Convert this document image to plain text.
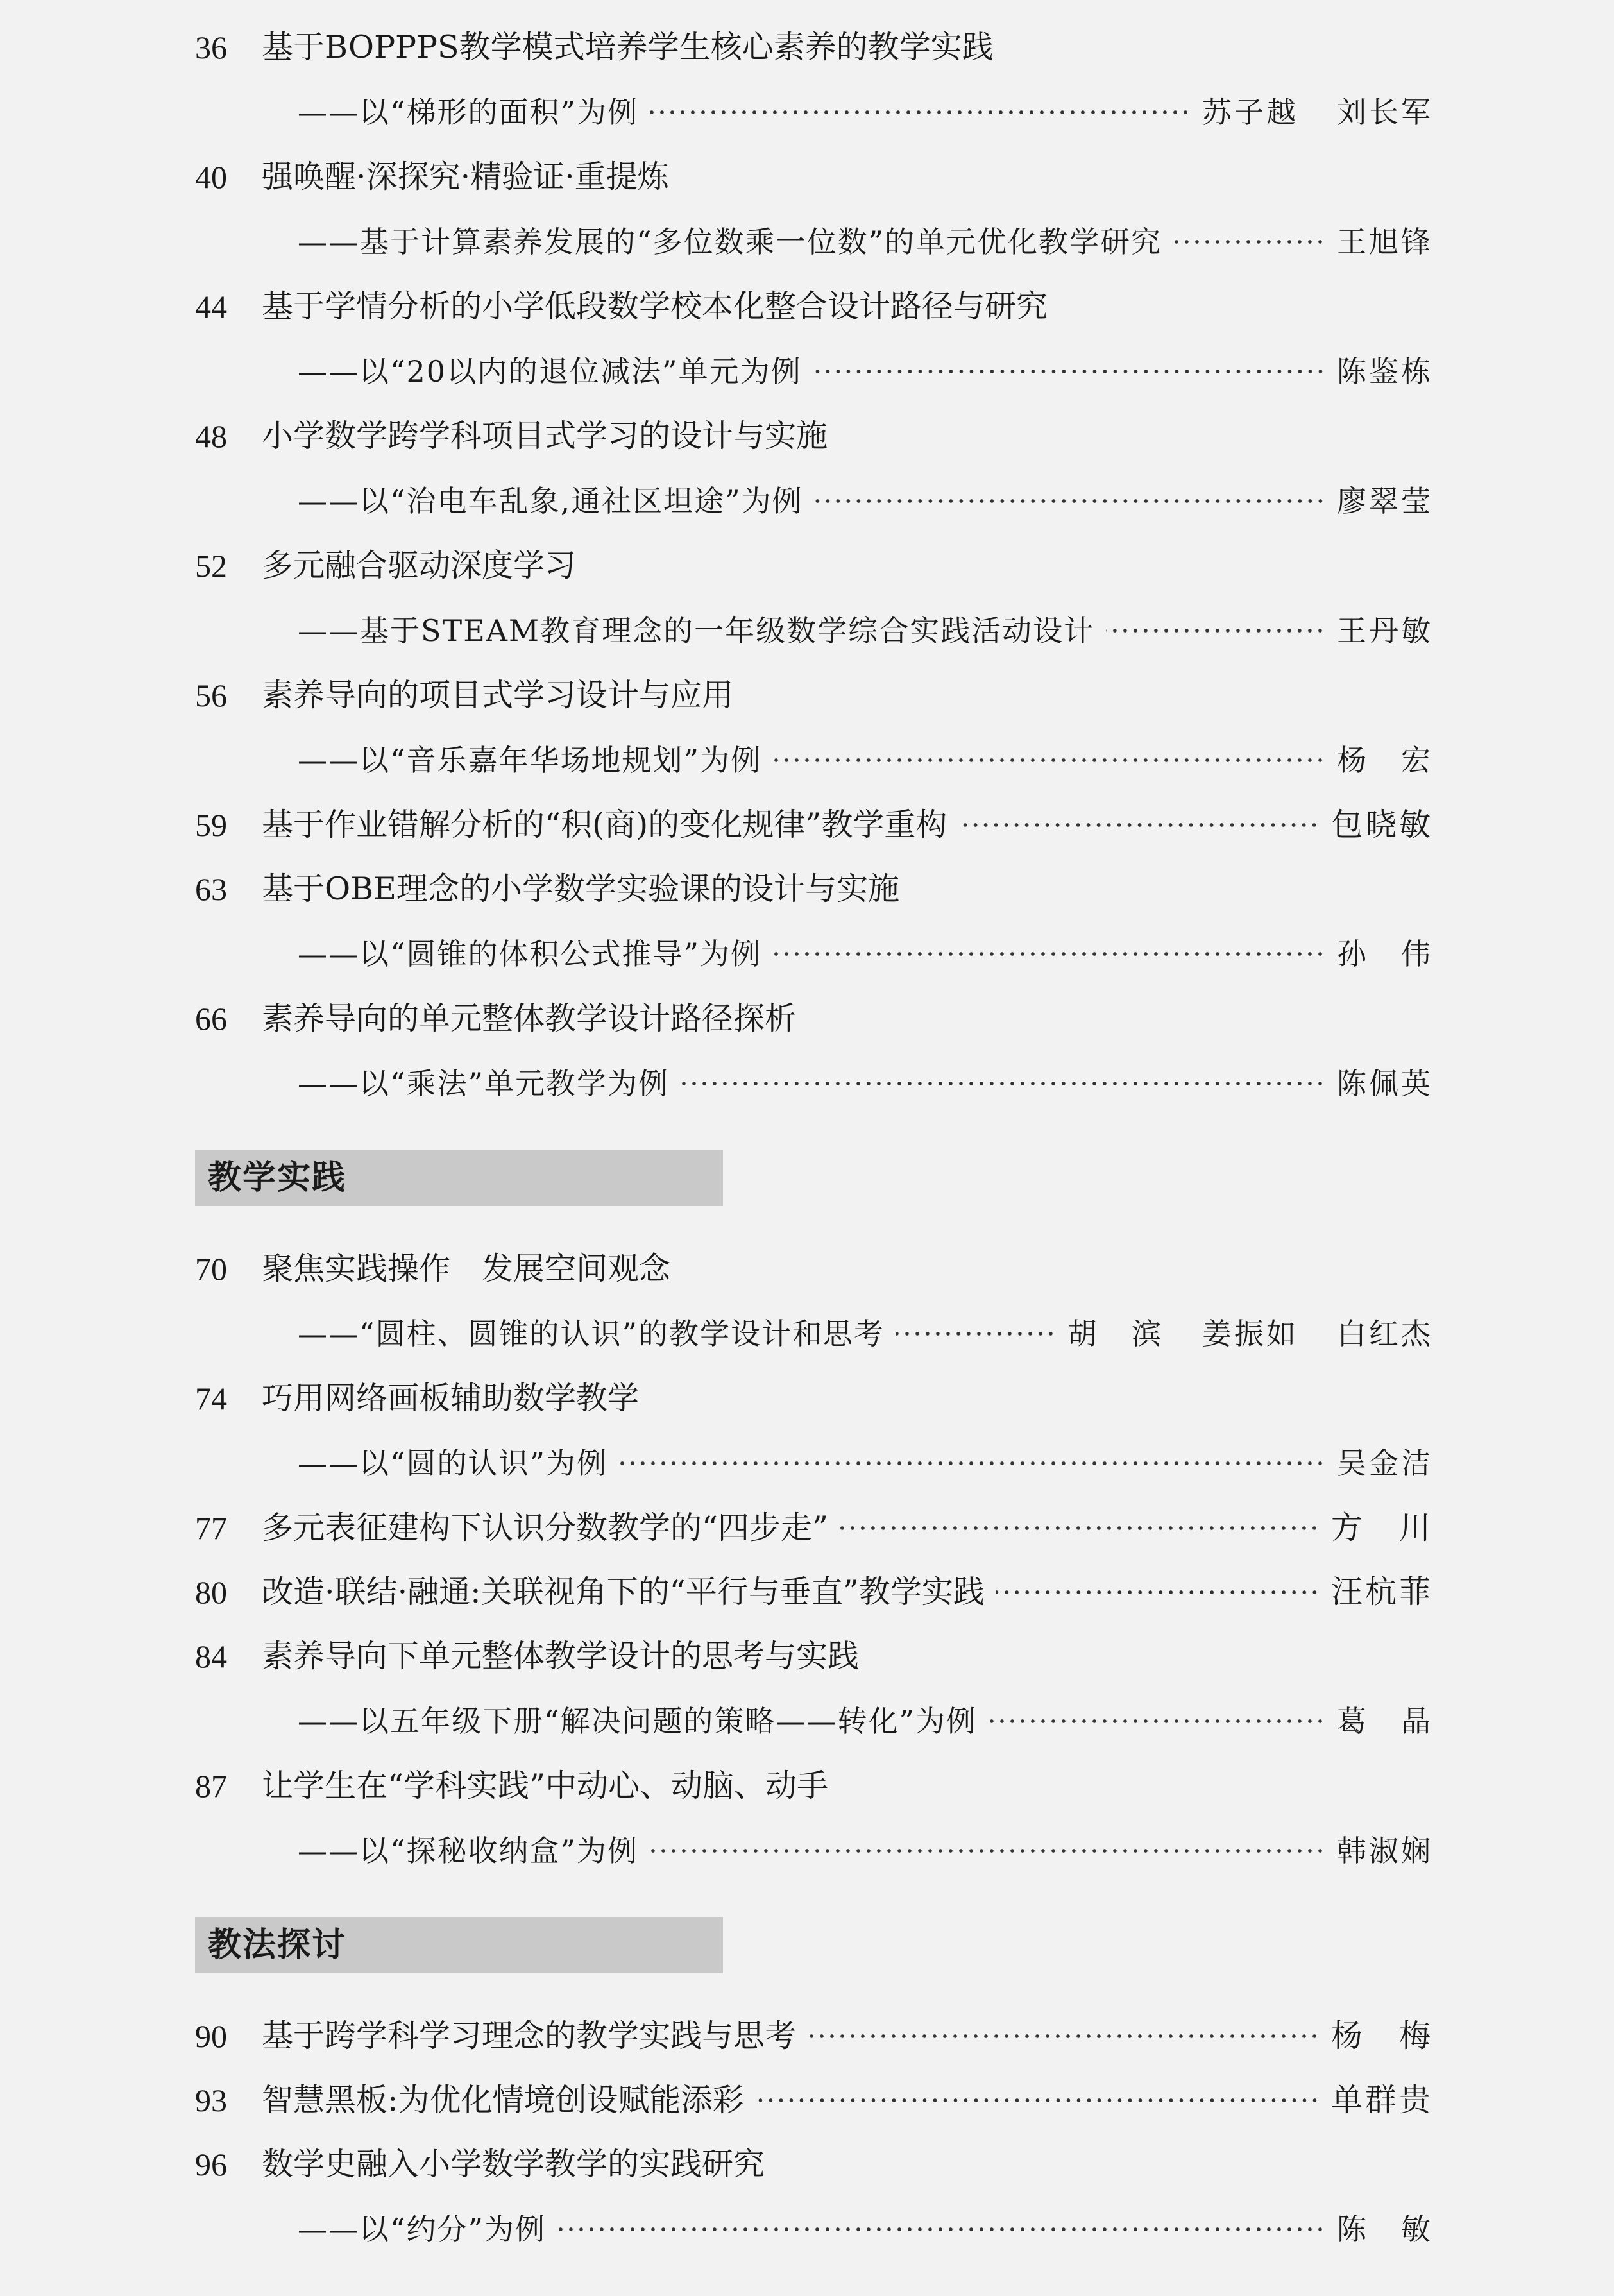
36	基于BOPPPS教学模式培养学生核心素养的教学实践
——以“梯形的面积”为例	苏子越 刘长军
40	强唤醒·深探究·精验证·重提炼
——基于计算素养发展的“多位数乘一位数”的单元优化教学研究	王旭锋
44	基于学情分析的小学低段数学校本化整合设计路径与研究
——以“20以内的退位减法”单元为例	陈鉴栋
48	小学数学跨学科项目式学习的设计与实施
——以“治电车乱象,通社区坦途”为例	廖翠莹
52	多元融合驱动深度学习
——基于STEAM教育理念的一年级数学综合实践活动设计	王丹敏
56	素养导向的项目式学习设计与应用
——以“音乐嘉年华场地规划”为例	杨　宏
59	基于作业错解分析的“积(商)的变化规律”教学重构	包晓敏
63	基于OBE理念的小学数学实验课的设计与实施
——以“圆锥的体积公式推导”为例	孙　伟
66	素养导向的单元整体教学设计路径探析
——以“乘法”单元教学为例	陈佩英
教学实践
70	聚焦实践操作　发展空间观念
——“圆柱、圆锥的认识”的教学设计和思考	胡　滨 姜振如 白红杰
74	巧用网络画板辅助数学教学
——以“圆的认识”为例	吴金洁
77	多元表征建构下认识分数教学的“四步走”	方　川
80	改造·联结·融通:关联视角下的“平行与垂直”教学实践	汪杭菲
84	素养导向下单元整体教学设计的思考与实践
——以五年级下册“解决问题的策略——转化”为例	葛　晶
87	让学生在“学科实践”中动心、动脑、动手
——以“探秘收纳盒”为例	韩淑娴
教法探讨
90	基于跨学科学习理念的教学实践与思考	杨　梅
93	智慧黑板:为优化情境创设赋能添彩	单群贵
96	数学史融入小学数学教学的实践研究
——以“约分”为例	陈　敏
